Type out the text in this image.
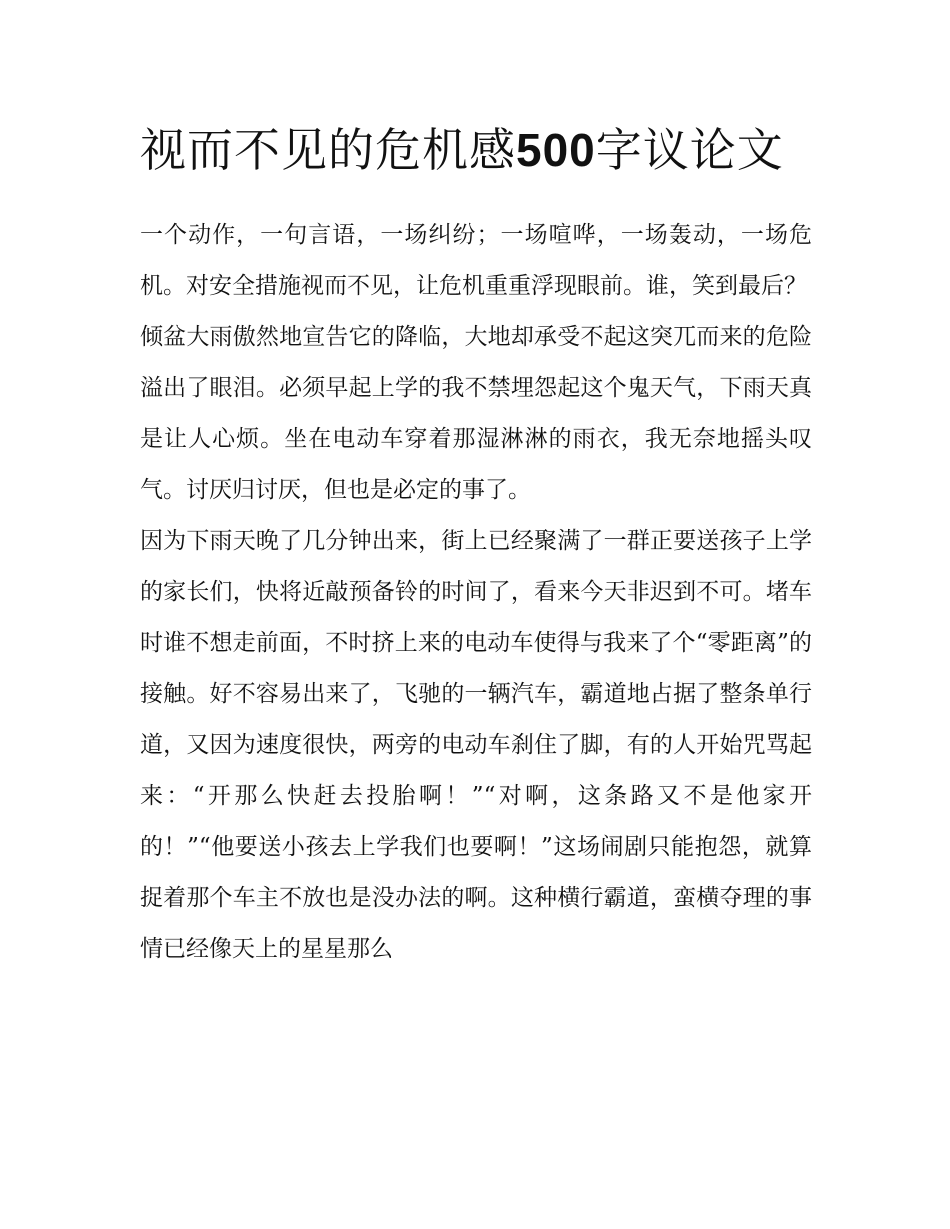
视而不见的危机感500字议论文

一个动作，一句言语，一场纠纷；一场喧哗，一场轰动，一场危机。对安全措施视而不见，让危机重重浮现眼前。谁，笑到最后？

倾盆大雨傲然地宣告它的降临，大地却承受不起这突兀而来的危险溢出了眼泪。必须早起上学的我不禁埋怨起这个鬼天气，下雨天真是让人心烦。坐在电动车穿着那湿淋淋的雨衣，我无奈地摇头叹气。讨厌归讨厌，但也是必定的事了。

因为下雨天晚了几分钟出来，街上已经聚满了一群正要送孩子上学的家长们，快将近敲预备铃的时间了，看来今天非迟到不可。堵车时谁不想走前面，不时挤上来的电动车使得与我来了个“零距离”的接触。好不容易出来了，飞驰的一辆汽车，霸道地占据了整条单行道，又因为速度很快，两旁的电动车刹住了脚，有的人开始咒骂起来：“开那么快赶去投胎啊！”“对啊，这条路又不是他家开的！”“他要送小孩去上学我们也要啊！”这场闹剧只能抱怨，就算捉着那个车主不放也是没办法的啊。这种横行霸道，蛮横夺理的事情已经像天上的星星那么
